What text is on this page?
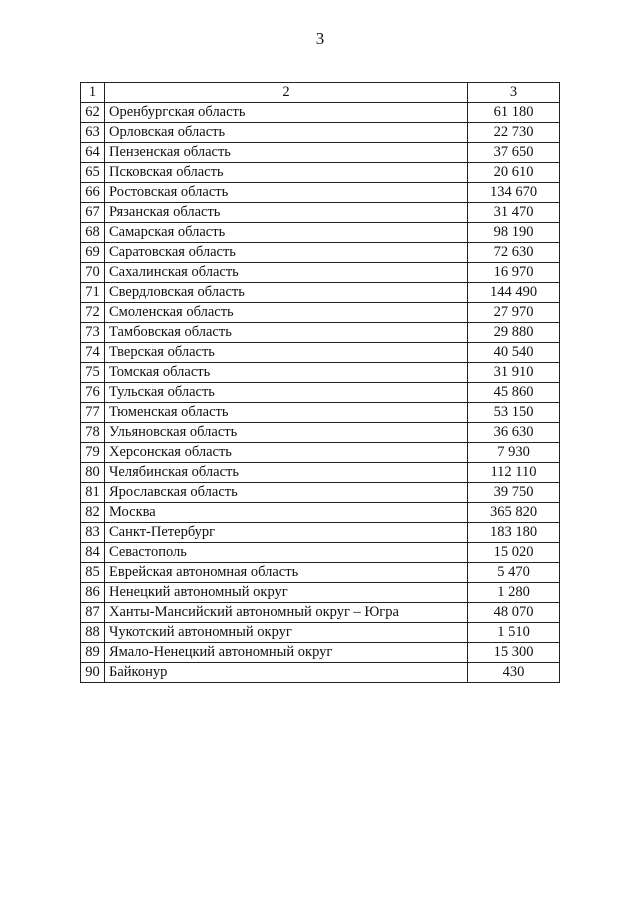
3
1	2	3
62	Оренбургская область	61 180
63	Орловская область	22 730
64	Пензенская область	37 650
65	Псковская область	20 610
66	Ростовская область	134 670
67	Рязанская область	31 470
68	Самарская область	98 190
69	Саратовская область	72 630
70	Сахалинская область	16 970
71	Свердловская область	144 490
72	Смоленская область	27 970
73	Тамбовская область	29 880
74	Тверская область	40 540
75	Томская область	31 910
76	Тульская область	45 860
77	Тюменская область	53 150
78	Ульяновская область	36 630
79	Херсонская область	7 930
80	Челябинская область	112 110
81	Ярославская область	39 750
82	Москва	365 820
83	Санкт-Петербург	183 180
84	Севастополь	15 020
85	Еврейская автономная область	5 470
86	Ненецкий автономный округ	1 280
87	Ханты-Мансийский автономный округ – Югра	48 070
88	Чукотский автономный округ	1 510
89	Ямало-Ненецкий автономный округ	15 300
90	Байконур	430
